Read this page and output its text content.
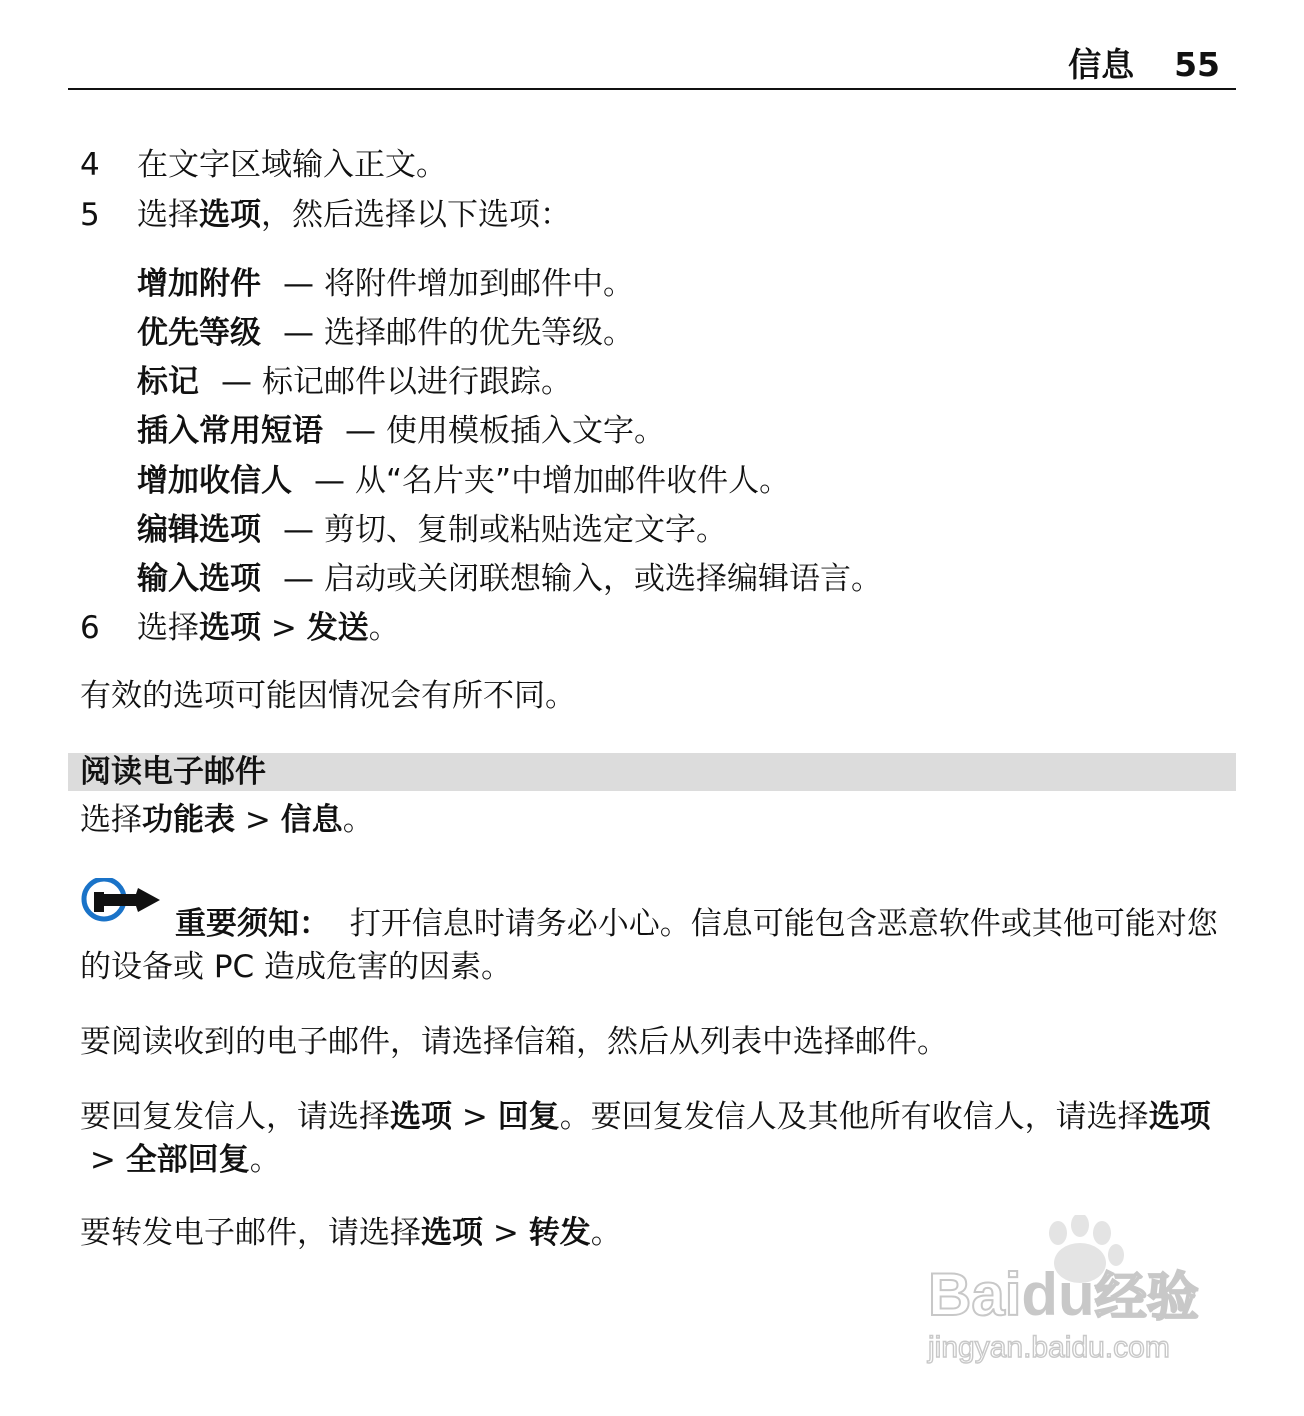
信息 55
4 在文字区域输入正文。
5 选择选项，然后选择以下选项：
增加附件 — 将附件增加到邮件中。
优先等级 — 选择邮件的优先等级。
标记 — 标记邮件以进行跟踪。
插入常用短语 — 使用模板插入文字。
增加收信人 — 从“名片夹”中增加邮件收件人。
编辑选项 — 剪切、复制或粘贴选定文字。
输入选项 — 启动或关闭联想输入，或选择编辑语言。
6 选择选项 > 发送。
有效的选项可能因情况会有所不同。
阅读电子邮件
选择功能表 > 信息。
重要须知： 打开信息时请务必小心。信息可能包含恶意软件或其他可能对您的设备或 PC 造成危害的因素。
要阅读收到的电子邮件，请选择信箱，然后从列表中选择邮件。
要回复发信人，请选择选项 > 回复。要回复发信人及其他所有收信人，请选择选项 > 全部回复。
要转发电子邮件，请选择选项 > 转发。
Baidu经验
jingyan.baidu.com
